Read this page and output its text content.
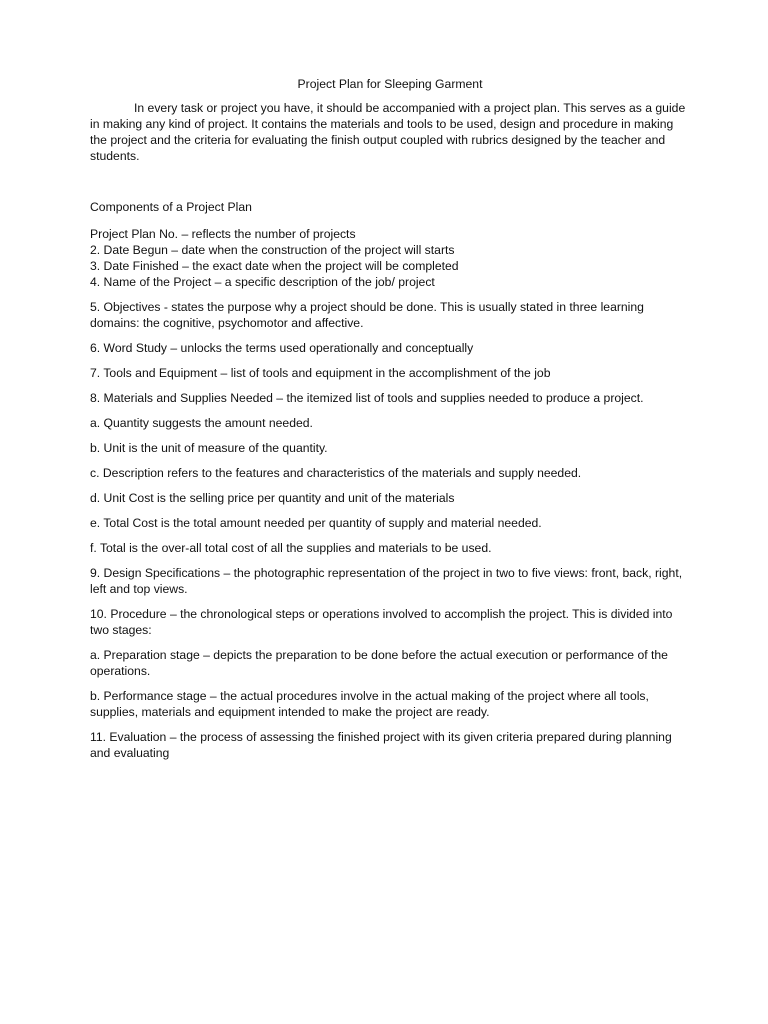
Project Plan for Sleeping Garment

In every task or project you have, it should be accompanied with a project plan. This serves as a guide in making any kind of project. It contains the materials and tools to be used, design and procedure in making the project and the criteria for evaluating the finish output coupled with rubrics designed by the teacher and students.

Components of a Project Plan

Project Plan No. – reflects the number of projects

2. Date Begun – date when the construction of the project will starts

3. Date Finished – the exact date when the project will be completed

4. Name of the Project – a specific description of the job/ project

5. Objectives - states the purpose why a project should be done. This is usually stated in three learning domains: the cognitive, psychomotor and affective.

6. Word Study – unlocks the terms used operationally and conceptually

7. Tools and Equipment – list of tools and equipment in the accomplishment of the job

8. Materials and Supplies Needed – the itemized list of tools and supplies needed to produce a project.

a. Quantity suggests the amount needed.

b. Unit is the unit of measure of the quantity.

c. Description refers to the features and characteristics of the materials and supply needed.

d. Unit Cost is the selling price per quantity and unit of the materials

e. Total Cost is the total amount needed per quantity of supply and material needed.

f. Total is the over-all total cost of all the supplies and materials to be used.

9. Design Specifications – the photographic representation of the project in two to five views: front, back, right, left and top views.

10. Procedure – the chronological steps or operations involved to accomplish the project. This is divided into two stages:

a. Preparation stage – depicts the preparation to be done before the actual execution or performance of the operations.

b. Performance stage – the actual procedures involve in the actual making of the project where all tools, supplies, materials and equipment intended to make the project are ready.

11. Evaluation – the process of assessing the finished project with its given criteria prepared during planning and evaluating
